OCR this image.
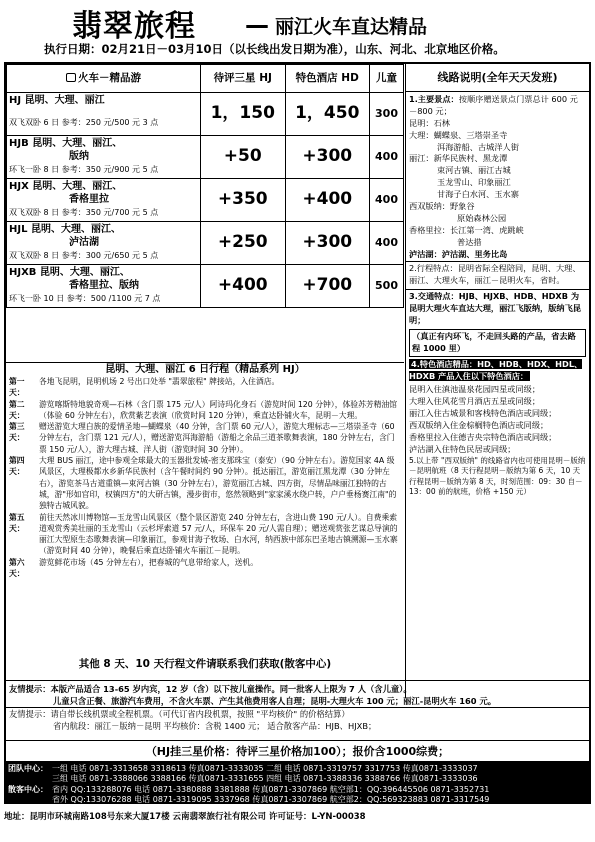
翡翠旅程 — 丽江火车直达精品
执行日期：02月21日－03月10日（以长线出发日期为准），山东、河北、北京地区价格。
火车－精品游	待评三星 HJ	特色酒店 HD	儿童

HJ 昆明、大理、丽江
双飞双卧 6 日 参考：250 元/500 元 3 点	1，150	1，450	300

HJB 昆明、大理、丽江、
版纳
环飞一卧 8 日 参考：350 元/900 元 5 点	+50	+300	400

HJX 昆明、大理、丽江、
香格里拉
双飞双卧 8 日 参考：350 元/700 元 5 点	+350	+400	400

HJL 昆明、大理、丽江、
泸沽湖
双飞双卧 8 日 参考：300 元/650 元 5 点	+250	+300	400

HJXB 昆明、大理、丽江、
香格里拉、版纳
环飞一卧 10 日 参考：500 /1100 元 7 点	+400	+700	500
线路说明(全年天天发班)
1.主要景点：按顺序赠送景点门票总计 600 元－800 元；
昆明：石林
大理：蝴蝶泉、三塔崇圣寺
洱海游船、古城洋人街
丽江：新华民族村、黑龙潭
束河古镇、丽江古城
玉龙雪山、印象丽江
甘海子白水河、玉水寨
西双版纳：野象谷
原始森林公园
香格里拉：长江第一湾、虎跳峡
普达措
泸沽湖：泸沽湖、里务比岛
2.行程特点：昆明省际全程陪同，昆明、大理、丽江、大理火车，丽江－昆明火车，省时。
3.交通特点：HJB、HJXB、HDB、HDXB 为昆明大理火车直达大理，丽江飞版纳，版纳飞昆明；
（真正有内环飞，不走回头路的产品，省去路程 1000 里）
4.特色酒店精品：HD、HDB、HDX、HDL、HDXB 产品入住以下特色酒店：
昆明入住滇池温泉花园四星或同级；
大理入住风花雪月酒店五星或同级；
丽江入住古城景和客栈特色酒店或同级；
西双版纳入住金棕榈特色酒店或同级；
香格里拉入住德吉央宗特色酒店或同级；
泸沽湖入住特色民居或同级；
5.以上带 "西双版纳" 的线路省内也可使用昆明－版纳－昆明航班（8 天行程昆明－版纳为第 6 天，10 天行程昆明－版纳为第 8 天，时刻范围：09：30 自－13：00 前的航班，价格 +150 元）
昆明、大理、丽江 6 日行程（精品系列 HJ）
第一天：
各地飞昆明，昆明机场 2 号出口处举 "翡翠旅程" 牌接站，入住酒店。
第二天：
游览喀斯特地貌奇观—石林（含门票 175 元/人）阿诗玛化身石（游览时间 120 分钟），体验苏芳精油馆（体验 60 分钟左右），欣赏紫艺表演（欣赏时间 120 分钟），乘直达卧铺火车，昆明－大理。
第三天：
赠送游览大理白族的爱情圣地—蝴蝶泉（40 分钟，含门票 60 元/人），游览大理标志—三塔崇圣寺（60 分钟左右，含门票 121 元/人），赠送游览洱海游船（游船之余品三道茶歌舞表演，180 分钟左右，含门票 150 元/人），游大理古城、洋人街（游览时间 30 分钟）。
第四天：
大理 BUS 丽江，途中参观全球最大的玉器批发城-密支那珠宝（泰安）（90 分钟左右）。游览国家 4A 级风景区，大理极都水乡新华民族村（含午餐时间约 90 分钟）。抵达丽江，游览丽江黑龙潭（30 分钟左右），游览茶马古道重镇—束河古镇（30 分钟左右），游览丽江古城、四方街，尽情品味丽江独特的古城，游"形如官印，权镇四方"的大研古镇，漫步街市，悠然领略到"家家溪水绕户转，户户垂杨赛江南"的独特古城风貌。
第五天：
前往天然冰川博物馆—玉龙雪山风景区（整个景区游览 240 分钟左右，含进山费 190 元/人）。自费乘索道观赏秀美壮丽的玉龙雪山（云杉坪索道 57 元/人，环保车 20 元/人需自理）；赠送观赏张艺谋总导演的丽江大型原生态歌舞表演—印象丽江，参观甘海子牧场、白水河，纳西族中部东巴圣地古镇溯源—玉水寨（游览时间 40 分钟），晚餐后乘直达卧铺火车丽江－昆明。
第六天：
游览鲜花市场（45 分钟左右），把春城的气息带给家人，送机。
其他 8 天、10 天行程文件请联系我们获取(散客中心)
友情提示：本版产品适合 13-65 岁内宾，12 岁（含）以下按儿童操作。同一批客人上限为 7 人（含儿童）。
儿童只含正餐、旅游汽车费用，不含火车票、产生其他费用客人自理；昆明-大理火车 100 元；丽江-昆明火车 160 元。
友情提示：请自带长线机票或全程机票。（可代订省内段机票，按照 "平均核价" 的价格结算）
省内航段：丽江－版纳－昆明 平均核价：含税 1400 元； 适合散客产品：HJB、HJXB；
（HJ挂三星价格：待评三星价格加100）；报价含1000综费；
团队中心： 一组 电话 0871-3313658 3318613 传真0871-3333035 二组 电话 0871-3319757 3317753 传真0871-3333037
三组 电话 0871-3388066 3388166 传真0871-3331655 四组 电话 0871-3388336 3388766 传真0871-3333036
散客中心： 省内 QQ:133288076 电话 0871-3380888 3381888 传真0871-3307869 航空部1：QQ:396445506 0871-3352731
省外 QQ:133076288 电话 0871-3319095 3337968 传真0871-3307869 航空部2：QQ:569323883 0871-3317549
地址：昆明市环城南路108号东来大厦17楼 云南翡翠旅行社有限公司 许可证号：L-YN-00038
